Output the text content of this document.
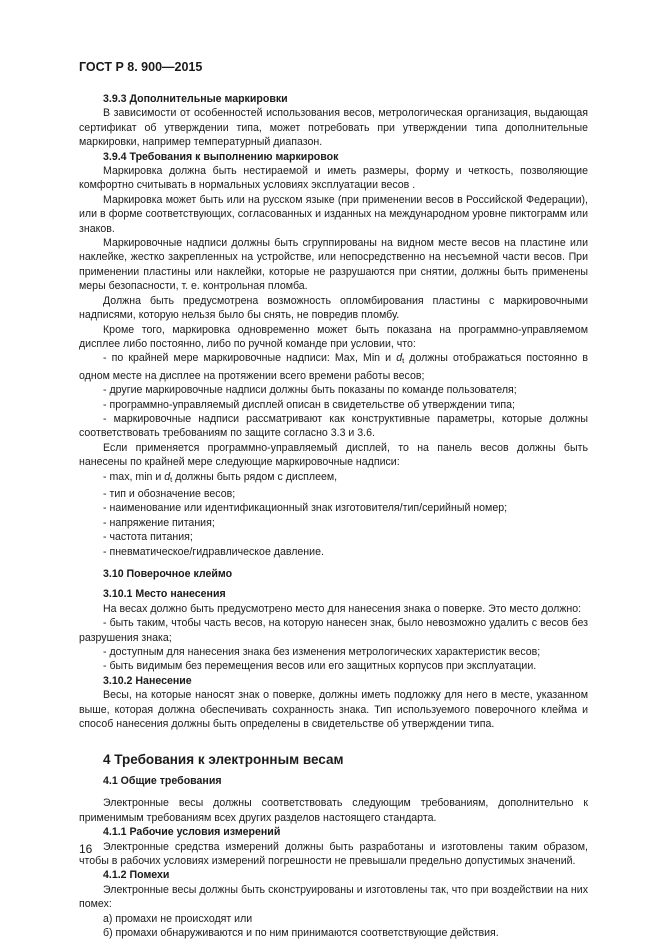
ГОСТ Р 8. 900—2015

3.9.3 Дополнительные маркировки

В зависимости от особенностей использования весов, метрологическая организация, выдающая сертификат об утверждении типа, может потребовать при утверждении типа дополнительные маркировки, например температурный диапазон.

3.9.4 Требования к выполнению маркировок

Маркировка должна быть нестираемой и иметь размеры, форму и четкость, позволяющие комфортно считывать в нормальных условиях эксплуатации весов .

Маркировка может быть или на русском языке (при применении весов в Российской Федерации), или в форме соответствующих, согласованных и изданных на международном уровне пиктограмм или знаков.

Маркировочные надписи должны быть сгруппированы на видном месте весов на пластине или наклейке, жестко закрепленных на устройстве, или непосредственно на несъемной части весов. При применении пластины или наклейки, которые не разрушаются при снятии, должны быть применены меры безопасности, т. е. контрольная пломба.

Должна быть предусмотрена возможность опломбирования пластины с маркировочными надписями, которую нельзя было бы снять, не повредив пломбу.

Кроме того, маркировка одновременно может быть показана на программно-управляемом дисплее либо постоянно, либо по ручной команде при условии, что:

- по крайней мере маркировочные надписи: Max, Min и $d_t$ должны отображаться постоянно в одном месте на дисплее на протяжении всего времени работы весов;

- другие маркировочные надписи должны быть показаны по команде пользователя;

- программно-управляемый дисплей описан в свидетельстве об утверждении типа;

- маркировочные надписи рассматривают как конструктивные параметры, которые должны соответствовать требованиям по защите согласно 3.3 и 3.6.

Если применяется программно-управляемый дисплей, то на панель весов должны быть нанесены по крайней мере следующие маркировочные надписи:

- max, min и $d_t$ должны быть рядом с дисплеем,

- тип и обозначение весов;

- наименование или идентификационный знак изготовителя/тип/серийный номер;

- напряжение питания;

- частота питания;

- пневматическое/гидравлическое давление.

3.10 Поверочное клеймо

3.10.1 Место нанесения

На весах должно быть предусмотрено место для нанесения знака о поверке. Это место должно:

- быть таким, чтобы часть весов, на которую нанесен знак, было невозможно удалить с весов без разрушения знака;

- доступным для нанесения знака без изменения метрологических характеристик весов;

- быть видимым без перемещения весов или его защитных корпусов при эксплуатации.

3.10.2 Нанесение

Весы, на которые наносят знак о поверке, должны иметь подложку для него в месте, указанном выше, которая должна обеспечивать сохранность знака. Тип используемого поверочного клейма и способ нанесения должны быть определены в свидетельстве об утверждении типа.

4 Требования к электронным весам

4.1 Общие требования

Электронные весы должны соответствовать следующим требованиям, дополнительно к применимым требованиям всех других разделов настоящего стандарта.

4.1.1 Рабочие условия измерений

Электронные средства измерений должны быть разработаны и изготовлены таким образом, чтобы в рабочих условиях измерений погрешности не превышали предельно допустимых значений.

4.1.2 Помехи

Электронные весы должны быть сконструированы и изготовлены так, что при воздействии на них помех:

а) промахи не происходят или

б) промахи обнаруживаются и по ним принимаются соответствующие действия.

16
